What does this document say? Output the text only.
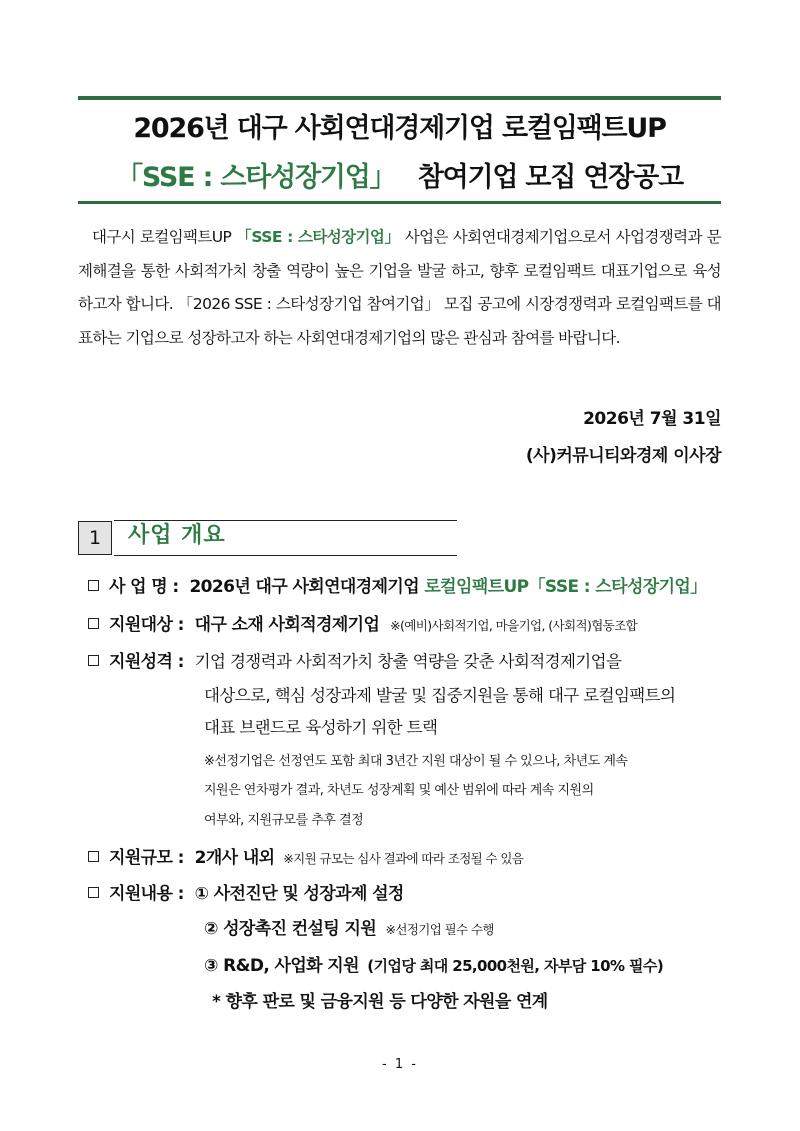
2026년 대구 사회연대경제기업 로컬임팩트UP
「SSE : 스타성장기업」 참여기업 모집 연장공고

대구시 로컬임팩트UP 「SSE : 스타성장기업」 사업은 사회연대경제기업으로서 사업경쟁력과 문제해결을 통한 사회적가치 창출 역량이 높은 기업을 발굴 하고, 향후 로컬임팩트 대표기업으로 육성하고자 합니다. 「2026 SSE : 스타성장기업 참여기업」 모집 공고에 시장경쟁력과 로컬임팩트를 대표하는 기업으로 성장하고자 하는 사회연대경제기업의 많은 관심과 참여를 바랍니다.

2026년 7월 31일
(사)커뮤니티와경제 이사장
1	사업 개요
사 업 명 : 2026년 대구 사회연대경제기업 로컬임팩트UP「SSE : 스타성장기업」
지원대상 : 대구 소재 사회적경제기업 ※(예비)사회적기업, 마을기업, (사회적)협동조합
지원성격 : 기업 경쟁력과 사회적가치 창출 역량을 갖춘 사회적경제기업을
대상으로, 핵심 성장과제 발굴 및 집중지원을 통해 대구 로컬임팩트의
대표 브랜드로 육성하기 위한 트랙
※선정기업은 선정연도 포함 최대 3년간 지원 대상이 될 수 있으나, 차년도 계속
지원은 연차평가 결과, 차년도 성장계획 및 예산 범위에 따라 계속 지원의
여부와, 지원규모를 추후 결정
지원규모 : 2개사 내외 ※지원 규모는 심사 결과에 따라 조정될 수 있음
지원내용 : ① 사전진단 및 성장과제 설정
② 성장촉진 컨설팅 지원 ※선정기업 필수 수행
③ R&D, 사업화 지원 (기업당 최대 25,000천원, 자부담 10% 필수)
* 향후 판로 및 금융지원 등 다양한 자원을 연계
- 1 -
